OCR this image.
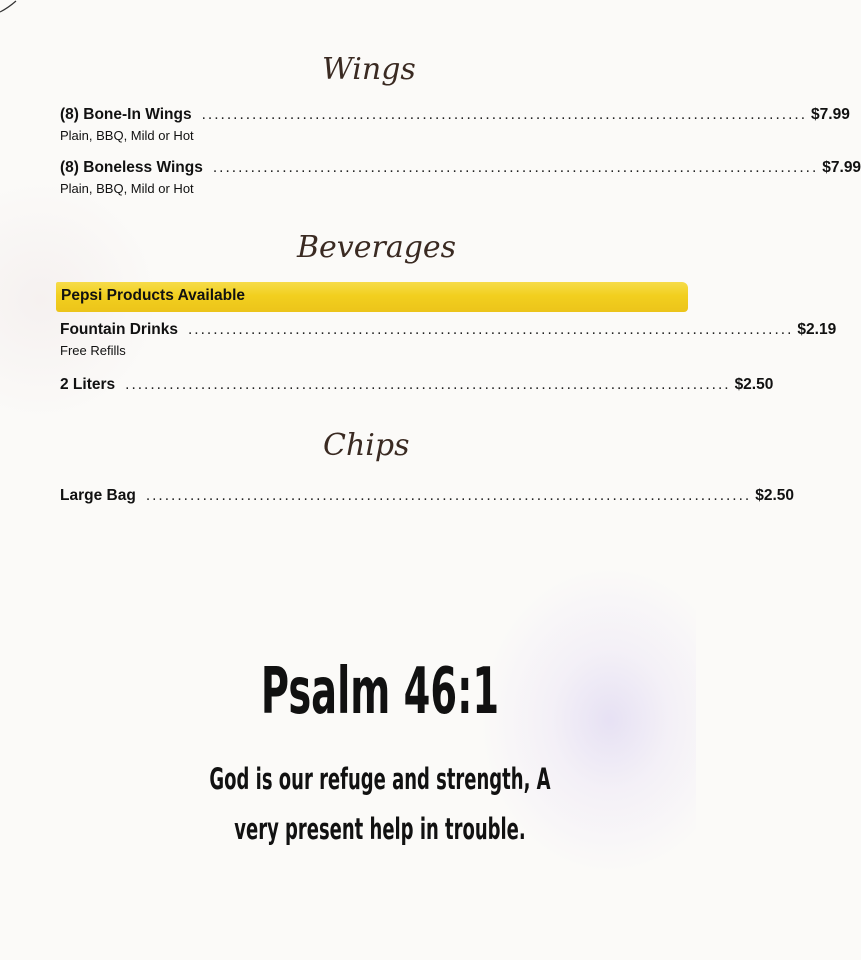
Wings
(8) Bone-In Wings ................................................................................................ $7.99
Plain, BBQ, Mild or Hot
(8) Boneless Wings ................................................................................................ $7.99
Plain, BBQ, Mild or Hot
Beverages
Pepsi Products Available
Fountain Drinks ................................................................................................ $2.19
Free Refills
2 Liters ................................................................................................ $2.50
Chips
Large Bag ................................................................................................ $2.50
Psalm 46:1
God is our refuge and strength, A
very present help in trouble.
